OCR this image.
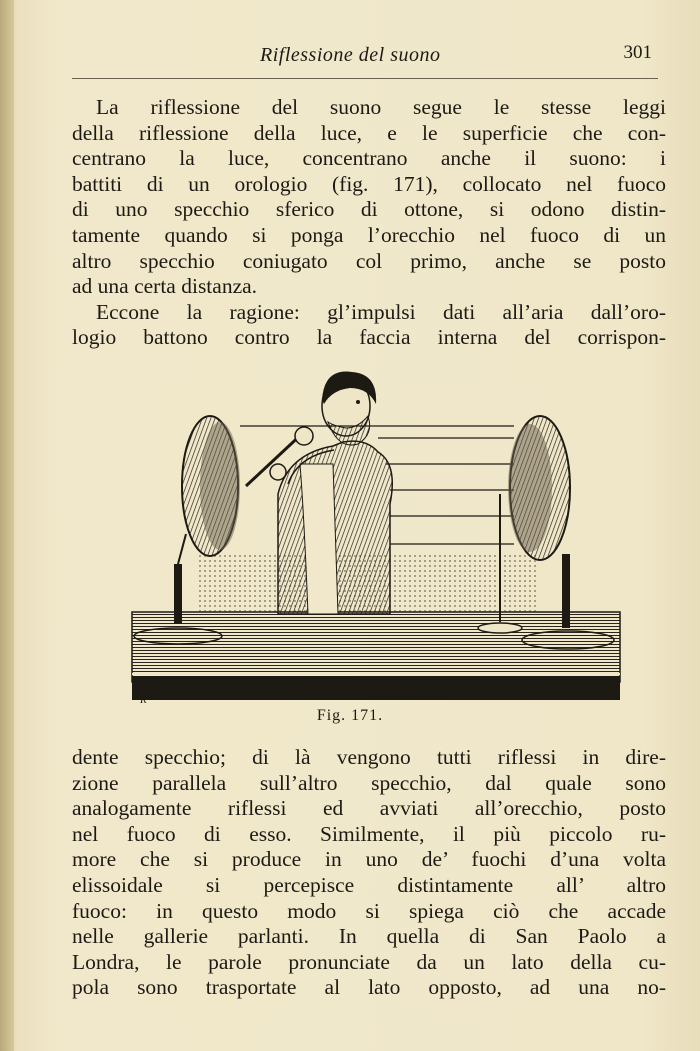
Riflessione del suono	301
La riflessione del suono segue le stesse leggi
della riflessione della luce, e le superficie che con-
centrano la luce, concentrano anche il suono: i
battiti di un orologio (fig. 171), collocato nel fuoco
di uno specchio sferico di ottone, si odono distin-
tamente quando si ponga l’orecchio nel fuoco di un
altro specchio coniugato col primo, anche se posto
ad una certa distanza.
Eccone la ragione: gl’impulsi dati all’aria dall’oro-
logio battono contro la faccia interna del corrispon-
R
Fig. 171.
dente specchio; di là vengono tutti riflessi in dire-
zione parallela sull’altro specchio, dal quale sono
analogamente riflessi ed avviati all’orecchio, posto
nel fuoco di esso. Similmente, il più piccolo ru-
more che si produce in uno de’ fuochi d’una volta
elissoidale si percepisce distintamente all’ altro
fuoco: in questo modo si spiega ciò che accade
nelle gallerie parlanti. In quella di San Paolo a
Londra, le parole pronunciate da un lato della cu-
pola sono trasportate al lato opposto, ad una no-
